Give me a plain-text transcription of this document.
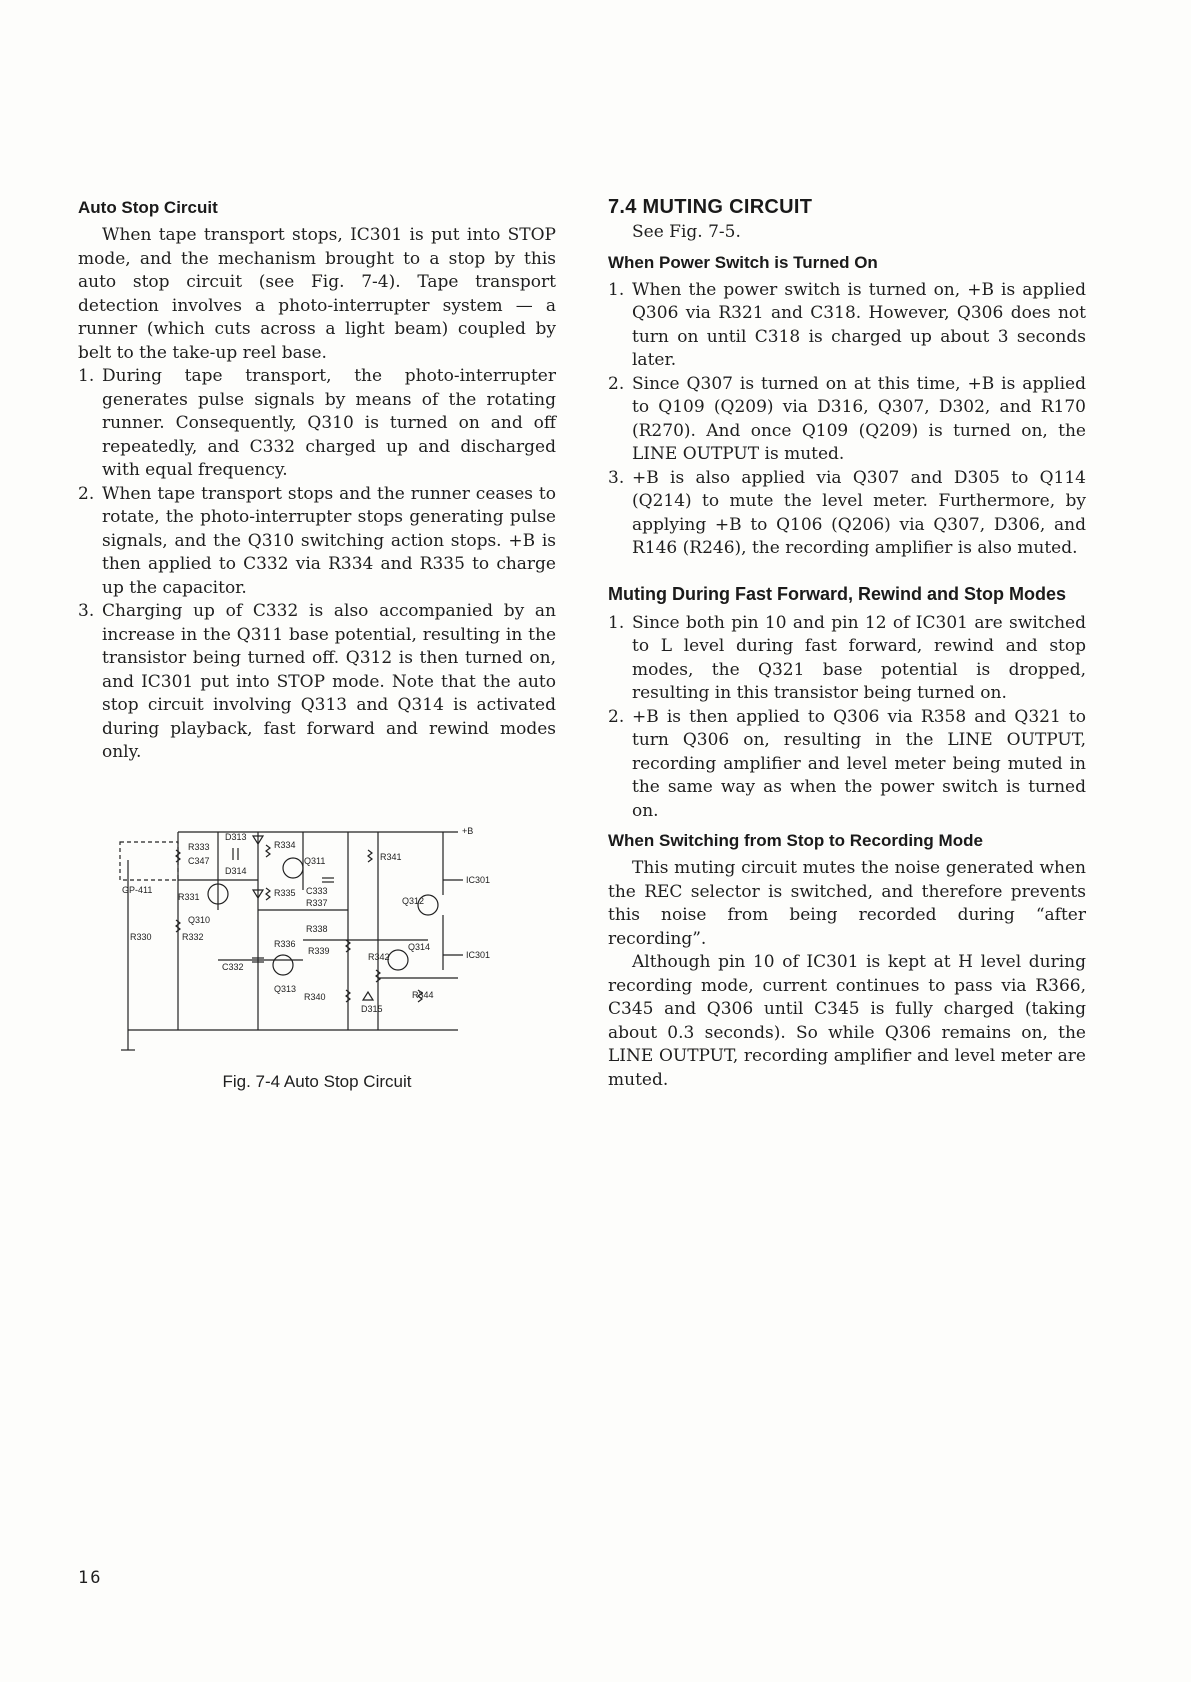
Auto Stop Circuit

When tape transport stops, IC301 is put into STOP mode, and the mechanism brought to a stop by this auto stop circuit (see Fig. 7-4). Tape transport detection involves a photo-interrupter system — a runner (which cuts across a light beam) coupled by belt to the take-up reel base.

1. During tape transport, the photo-interrupter generates pulse signals by means of the rotating runner. Consequently, Q310 is turned on and off repeatedly, and C332 charged up and discharged with equal frequency.
2. When tape transport stops and the runner ceases to rotate, the photo-interrupter stops generating pulse signals, and the Q310 switching action stops. +B is then applied to C332 via R334 and R335 to charge up the capacitor.
3. Charging up of C332 is also accompanied by an increase in the Q311 base potential, resulting in the transistor being turned off. Q312 is then turned on, and IC301 put into STOP mode. Note that the auto stop circuit involving Q313 and Q314 is activated during playback, fast forward and rewind modes only.
+B
GP-411
R333
D313
C347
D314
R331
Q310
R330	R332
C332
R334
Q311
R335 C333
R337
R338
R336
R339
Q313
R340
D315
R341
Q312
IC301
R342
Q314
R344
IC301
Fig. 7-4 Auto Stop Circuit
7.4 MUTING CIRCUIT

See Fig. 7-5.

When Power Switch is Turned On
1. When the power switch is turned on, +B is applied Q306 via R321 and C318. However, Q306 does not turn on until C318 is charged up about 3 seconds later.
2. Since Q307 is turned on at this time, +B is applied to Q109 (Q209) via D316, Q307, D302, and R170 (R270). And once Q109 (Q209) is turned on, the LINE OUTPUT is muted.
3. +B is also applied via Q307 and D305 to Q114 (Q214) to mute the level meter. Furthermore, by applying +B to Q106 (Q206) via Q307, D306, and R146 (R246), the recording amplifier is also muted.
Muting During Fast Forward, Rewind and Stop Modes
1. Since both pin 10 and pin 12 of IC301 are switched to L level during fast forward, rewind and stop modes, the Q321 base potential is dropped, resulting in this transistor being turned on.
2. +B is then applied to Q306 via R358 and Q321 to turn Q306 on, resulting in the LINE OUTPUT, recording amplifier and level meter being muted in the same way as when the power switch is turned on.
When Switching from Stop to Recording Mode

This muting circuit mutes the noise generated when the REC selector is switched, and therefore prevents this noise from being recorded during “after recording”.

Although pin 10 of IC301 is kept at H level during recording mode, current continues to pass via R366, C345 and Q306 until C345 is fully charged (taking about 0.3 seconds). So while Q306 remains on, the LINE OUTPUT, recording amplifier and level meter are muted.

16
